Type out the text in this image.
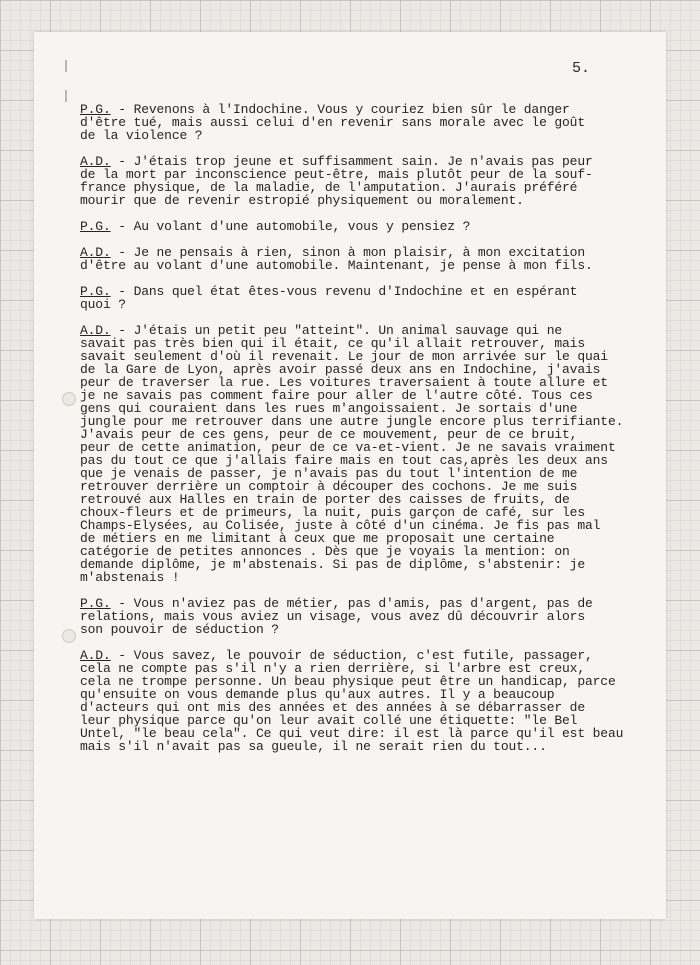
5.
P.G. - Revenons à l'Indochine. Vous y couriez bien sûr le danger
d'être tué, mais aussi celui d'en revenir sans morale avec le goût
de la violence ?
A.D. - J'étais trop jeune et suffisamment sain. Je n'avais pas peur
de la mort par inconscience peut-être, mais plutôt peur de la souf-
france physique, de la maladie, de l'amputation. J'aurais préféré
mourir que de revenir estropié physiquement ou moralement.
P.G. - Au volant d'une automobile, vous y pensiez ?
A.D. - Je ne pensais à rien, sinon à mon plaisir, à mon excitation
d'être au volant d'une automobile. Maintenant, je pense à mon fils.
P.G. - Dans quel état êtes-vous revenu d'Indochine et en espérant
quoi ?
A.D. - J'étais un petit peu "atteint". Un animal sauvage qui ne
savait pas très bien qui il était, ce qu'il allait retrouver, mais
savait seulement d'où il revenait. Le jour de mon arrivée sur le quai
de la Gare de Lyon, après avoir passé deux ans en Indochine, j'avais
peur de traverser la rue. Les voitures traversaient à toute allure et
je ne savais pas comment faire pour aller de l'autre côté. Tous ces
gens qui couraient dans les rues m'angoissaient. Je sortais d'une
jungle pour me retrouver dans une autre jungle encore plus terrifiante.
J'avais peur de ces gens, peur de ce mouvement, peur de ce bruit,
peur de cette animation, peur de ce va-et-vient. Je ne savais vraiment
pas du tout ce que j'allais faire mais en tout cas,après les deux ans
que je venais de passer, je n'avais pas du tout l'intention de me
retrouver derrière un comptoir à découper des cochons. Je me suis
retrouvé aux Halles en train de porter des caisses de fruits, de
choux-fleurs et de primeurs, la nuit, puis garçon de café, sur les
Champs-Elysées, au Colisée, juste à côté d'un cinéma. Je fis pas mal
de métiers en me limitant à ceux que me proposait une certaine
catégorie de petites annonces . Dès que je voyais la mention: on
demande diplôme, je m'abstenais. Si pas de diplôme, s'abstenir: je
m'abstenais !
P.G. - Vous n'aviez pas de métier, pas d'amis, pas d'argent, pas de
relations, mais vous aviez un visage, vous avez dû découvrir alors
son pouvoir de séduction ?
A.D. - Vous savez, le pouvoir de séduction, c'est futile, passager,
cela ne compte pas s'il n'y a rien derrière, si l'arbre est creux,
cela ne trompe personne. Un beau physique peut être un handicap, parce
qu'ensuite on vous demande plus qu'aux autres. Il y a beaucoup
d'acteurs qui ont mis des années et des années à se débarrasser de
leur physique parce qu'on leur avait collé une étiquette: "le Bel
Untel, "le beau cela". Ce qui veut dire: il est là parce qu'il est beau
mais s'il n'avait pas sa gueule, il ne serait rien du tout...
